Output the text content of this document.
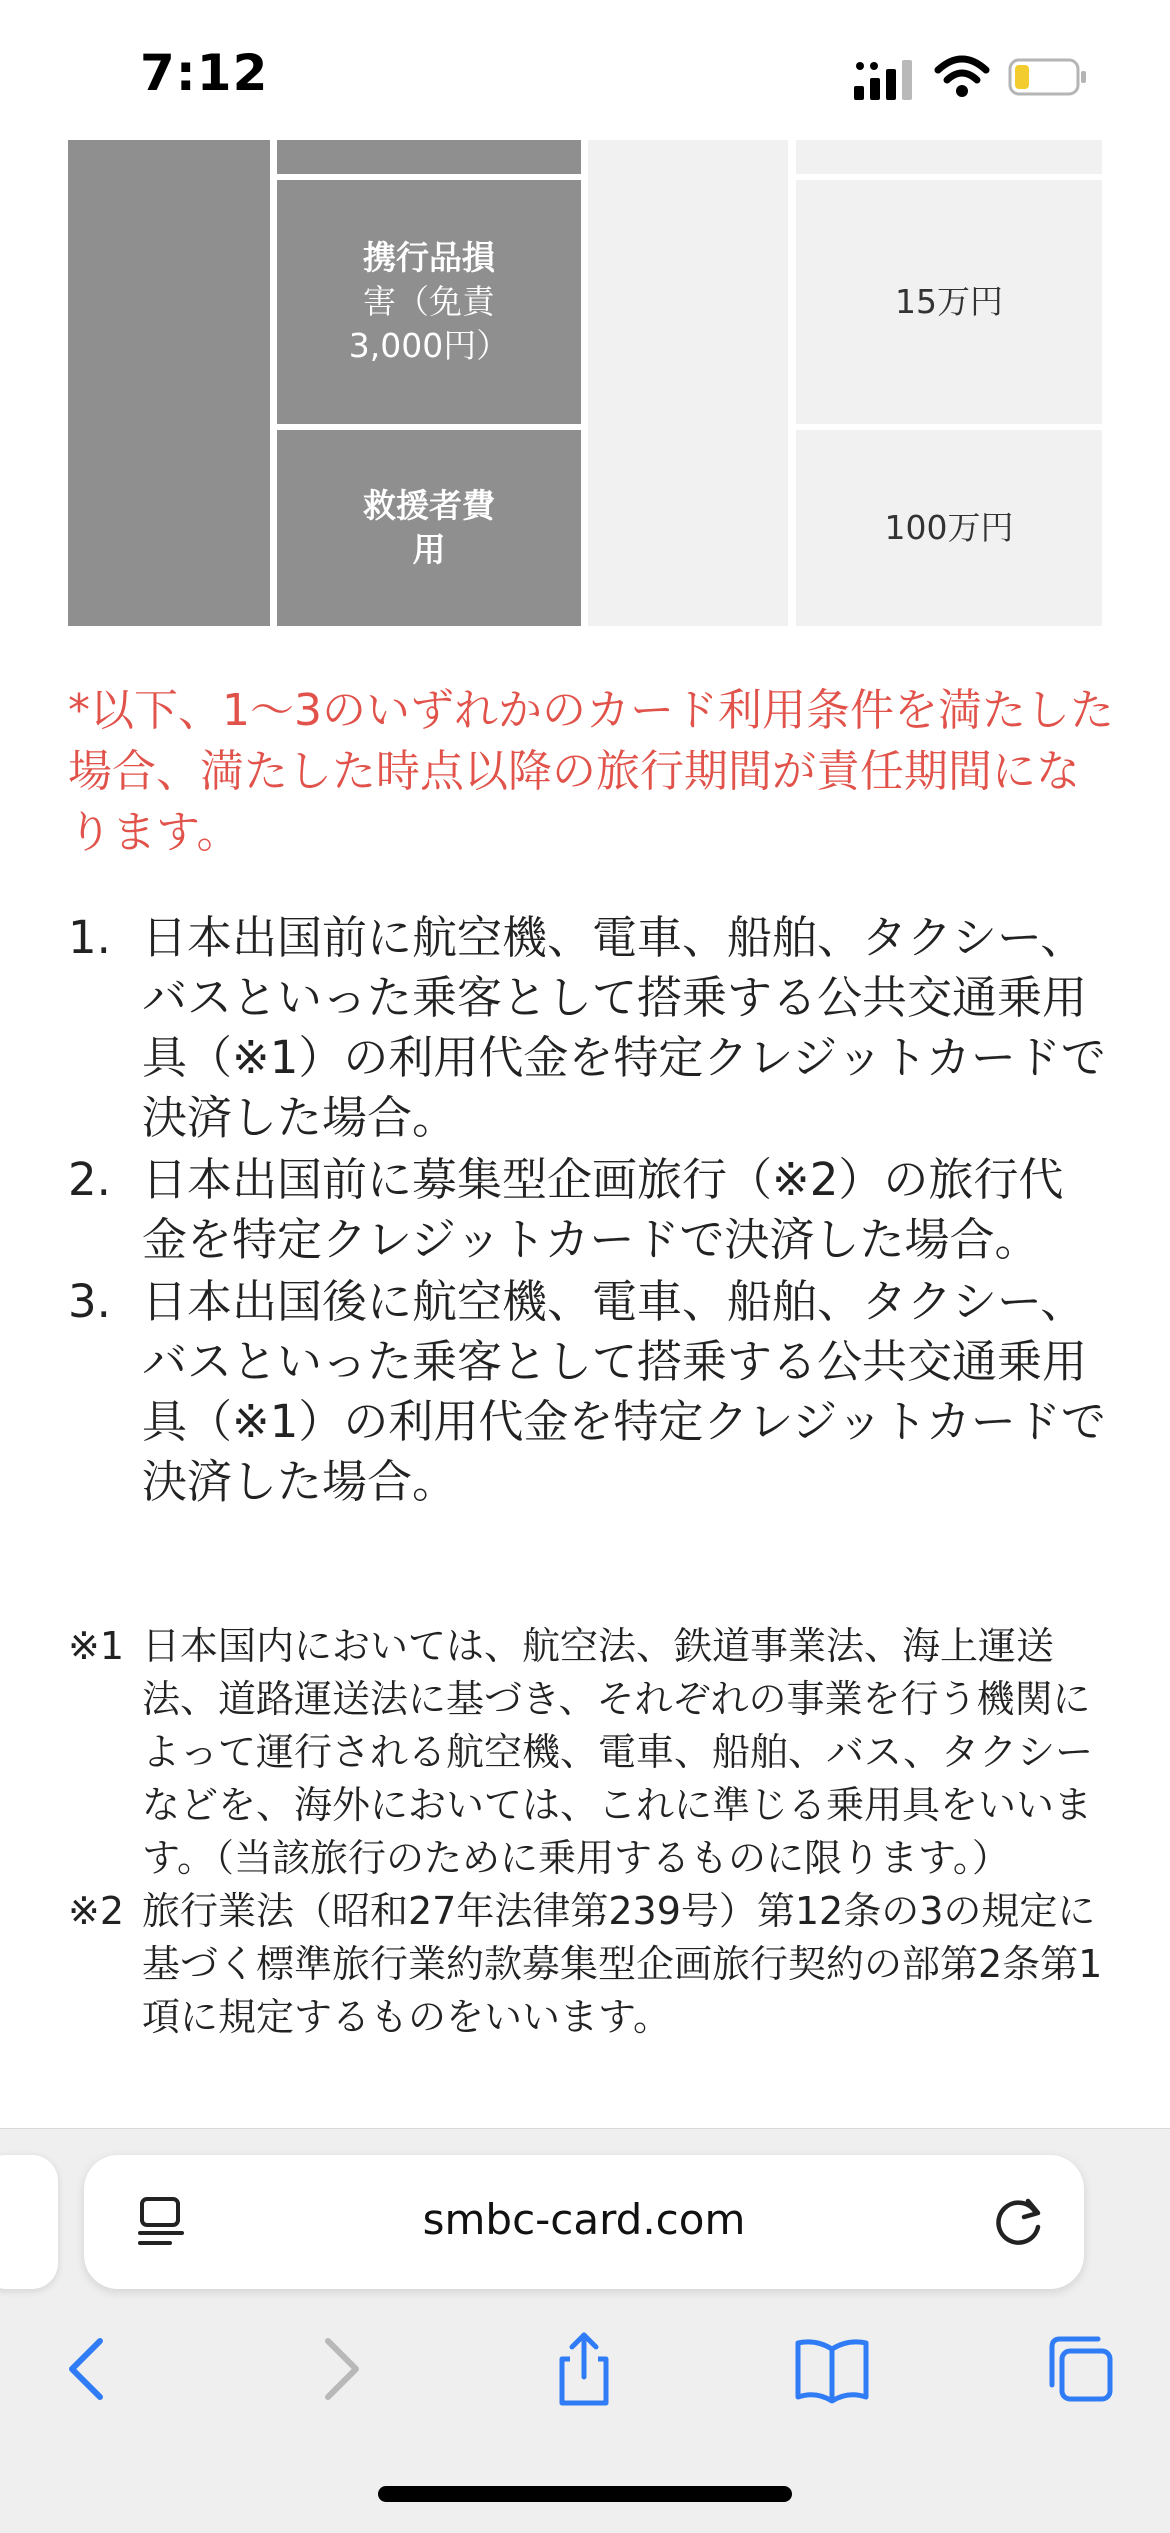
7:12
携行品損
害（免責
3,000円）
15万円
救援者費
用
100万円
*以下、1〜3のいずれかのカード利用条件を満たした場合、満たした時点以降の旅行期間が責任期間になります。
1. 日本出国前に航空機、電車、船舶、タクシー、バスといった乗客として搭乗する公共交通乗用具（※1）の利用代金を特定クレジットカードで決済した場合。
2. 日本出国前に募集型企画旅行（※2）の旅行代金を特定クレジットカードで決済した場合。
3. 日本出国後に航空機、電車、船舶、タクシー、バスといった乗客として搭乗する公共交通乗用具（※1）の利用代金を特定クレジットカードで決済した場合。
※1 日本国内においては、航空法、鉄道事業法、海上運送法、道路運送法に基づき、それぞれの事業を行う機関によって運行される航空機、電車、船舶、バス、タクシーなどを、海外においては、これに準じる乗用具をいいます。（当該旅行のために乗用するものに限ります。）
※2 旅行業法（昭和27年法律第239号）第12条の3の規定に基づく標準旅行業約款募集型企画旅行契約の部第2条第1項に規定するものをいいます。
smbc-card.com
